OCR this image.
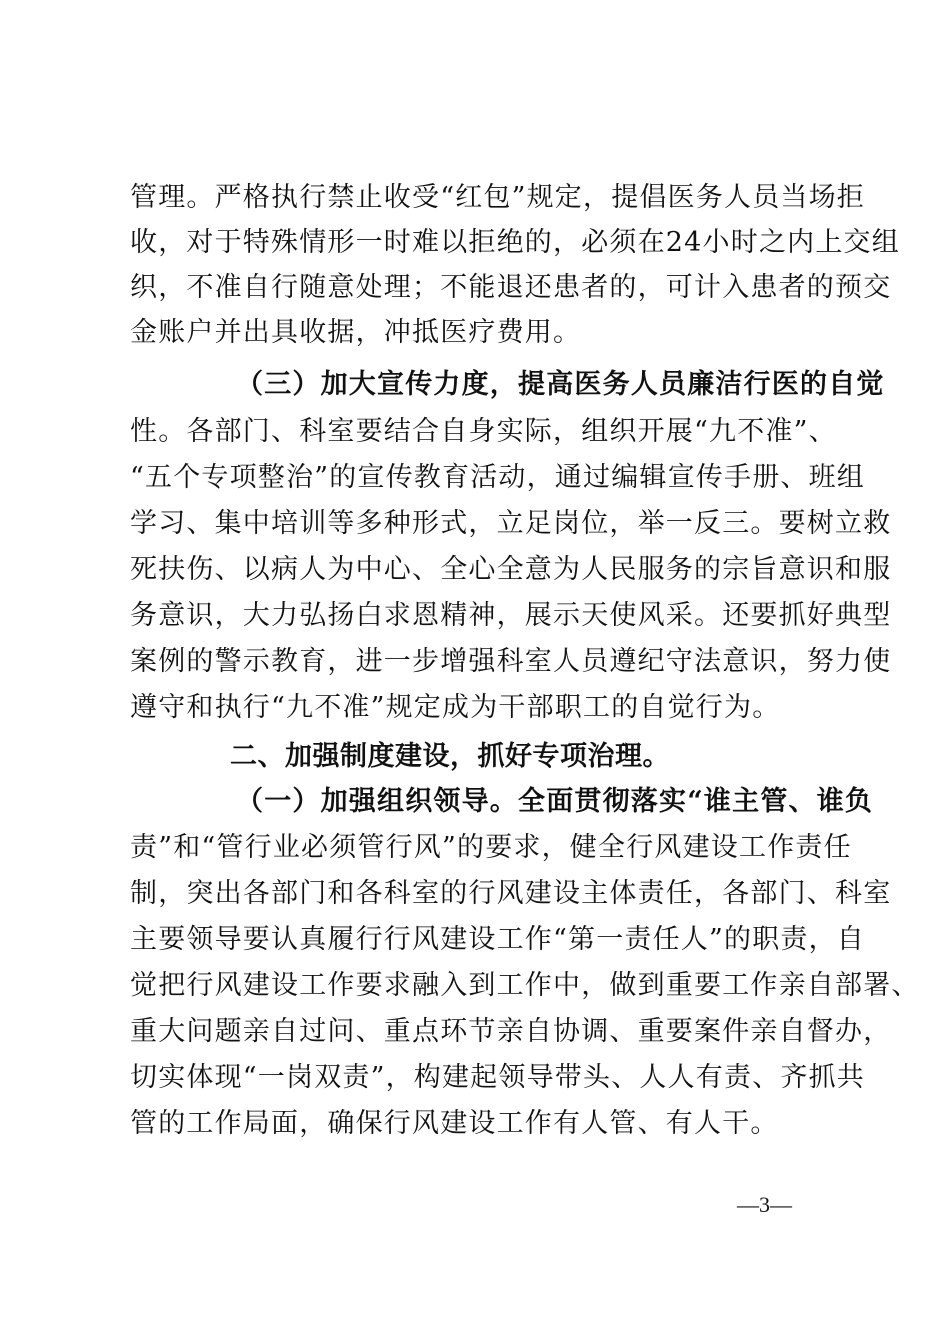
管理。严格执行禁止收受“红包”规定，提倡医务人员当场拒
收，对于特殊情形一时难以拒绝的，必须在24小时之内上交组
织，不准自行随意处理；不能退还患者的，可计入患者的预交
金账户并出具收据，冲抵医疗费用。
（三）加大宣传力度，提高医务人员廉洁行医的自觉
性。各部门、科室要结合自身实际，组织开展“九不准”、
“五个专项整治”的宣传教育活动，通过编辑宣传手册、班组
学习、集中培训等多种形式，立足岗位，举一反三。要树立救
死扶伤、以病人为中心、全心全意为人民服务的宗旨意识和服
务意识，大力弘扬白求恩精神，展示天使风采。还要抓好典型
案例的警示教育，进一步增强科室人员遵纪守法意识，努力使
遵守和执行“九不准”规定成为干部职工的自觉行为。
二、加强制度建设，抓好专项治理。
（一）加强组织领导。全面贯彻落实“谁主管、谁负
责”和“管行业必须管行风”的要求，健全行风建设工作责任
制，突出各部门和各科室的行风建设主体责任，各部门、科室
主要领导要认真履行行风建设工作“第一责任人”的职责，自
觉把行风建设工作要求融入到工作中，做到重要工作亲自部署、
重大问题亲自过问、重点环节亲自协调、重要案件亲自督办，
切实体现“一岗双责”，构建起领导带头、人人有责、齐抓共
管的工作局面，确保行风建设工作有人管、有人干。
—3—
